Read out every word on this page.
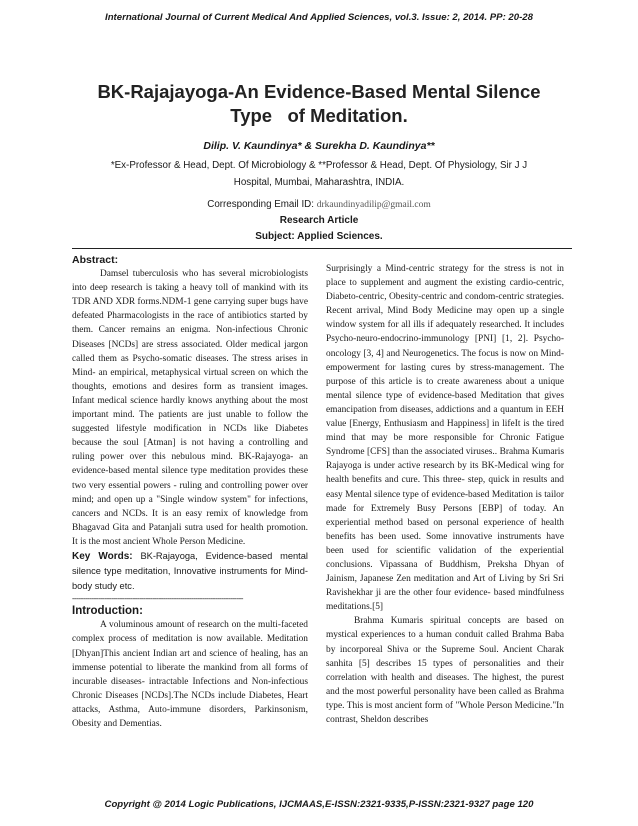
International Journal of Current Medical And Applied Sciences, vol.3. Issue: 2, 2014. PP: 20-28
BK-Rajajayoga-An Evidence-Based Mental Silence
Type   of Meditation.
Dilip. V. Kaundinya* & Surekha D. Kaundinya**
*Ex-Professor & Head, Dept. Of Microbiology & **Professor & Head, Dept. Of Physiology, Sir J J
Hospital, Mumbai, Maharashtra, INDIA.
Corresponding Email ID: drkaundinyadilip@gmail.com
Research Article
Subject: Applied Sciences.

Abstract:

Damsel tuberculosis who has several microbiologists into deep research is taking a heavy toll of mankind with its TDR AND XDR forms.NDM-1 gene carrying super bugs have defeated Pharmacologists in the race of antibiotics started by them. Cancer remains an enigma. Non-infectious Chronic Diseases [NCDs] are stress associated. Older medical jargon called them as Psycho-somatic diseases. The stress arises in Mind- an empirical, metaphysical virtual screen on which the thoughts, emotions and desires form as transient images. Infant medical science hardly knows anything about the most important mind. The patients are just unable to follow the suggested lifestyle modification in NCDs like Diabetes because the soul [Atman] is not having a controlling and ruling power over this nebulous mind. BK-Rajayoga- an evidence-based mental silence type meditation provides these two very essential powers - ruling and controlling power over mind; and open up a "Single window system" for infections, cancers and NCDs. It is an easy remix of knowledge from Bhagavad Gita and Patanjali sutra used for health promotion. It is the most ancient Whole Person Medicine.

Key Words: BK-Rajayoga, Evidence-based mental silence type meditation, Innovative instruments for Mind-body study etc.

-------------------------------------------------------------------------------

Introduction:

A voluminous amount of research on the multi-faceted complex process of meditation is now available. Meditation [Dhyan]This ancient Indian art and science of healing, has an immense potential to liberate the mankind from all forms of incurable diseases- intractable Infections and Non-infectious Chronic Diseases [NCDs].The NCDs include Diabetes, Heart attacks, Asthma, Auto-immune disorders, Parkinsonism, Obesity and Dementias.

Surprisingly a Mind-centric strategy for the stress is not in place to supplement and augment the existing cardio-centric, Diabeto-centric, Obesity-centric and condom-centric strategies. Recent arrival, Mind Body Medicine may open up a single window system for all ills if adequately researched. It includes Psycho-neuro-endocrino-immunology [PNI] [1, 2]. Psycho-oncology [3, 4] and Neurogenetics. The focus is now on Mind-empowerment for lasting cures by stress-management. The purpose of this article is to create awareness about a unique mental silence type of evidence-based Meditation that gives emancipation from diseases, addictions and a quantum in EEH value [Energy, Enthusiasm and Happiness] in lifeIt is the tired mind that may be more responsible for Chronic Fatigue Syndrome [CFS] than the associated viruses.. Brahma Kumaris Rajayoga is under active research by its BK-Medical wing for health benefits and cure. This three- step, quick in results and easy Mental silence type of evidence-based Meditation is tailor made for Extremely Busy Persons [EBP] of today. An experiential method based on personal experience of health benefits has been used. Some innovative instruments have been used for scientific validation of the experiential conclusions. Vipassana of Buddhism, Preksha Dhyan of Jainism, Japanese Zen meditation and Art of Living by Sri Sri Ravishekhar ji are the other four evidence- based mindfulness meditations.[5]

Brahma Kumaris spiritual concepts are based on mystical experiences to a human conduit called Brahma Baba by incorporeal Shiva or the Supreme Soul. Ancient Charak sanhita [5] describes 15 types of personalities and their correlation with health and diseases. The highest, the purest and the most powerful personality have been called as Brahma type. This is most ancient form of "Whole Person Medicine."In contrast, Sheldon describes

Copyright @ 2014 Logic Publications, IJCMAAS,E-ISSN:2321-9335,P-ISSN:2321-9327 page 120
